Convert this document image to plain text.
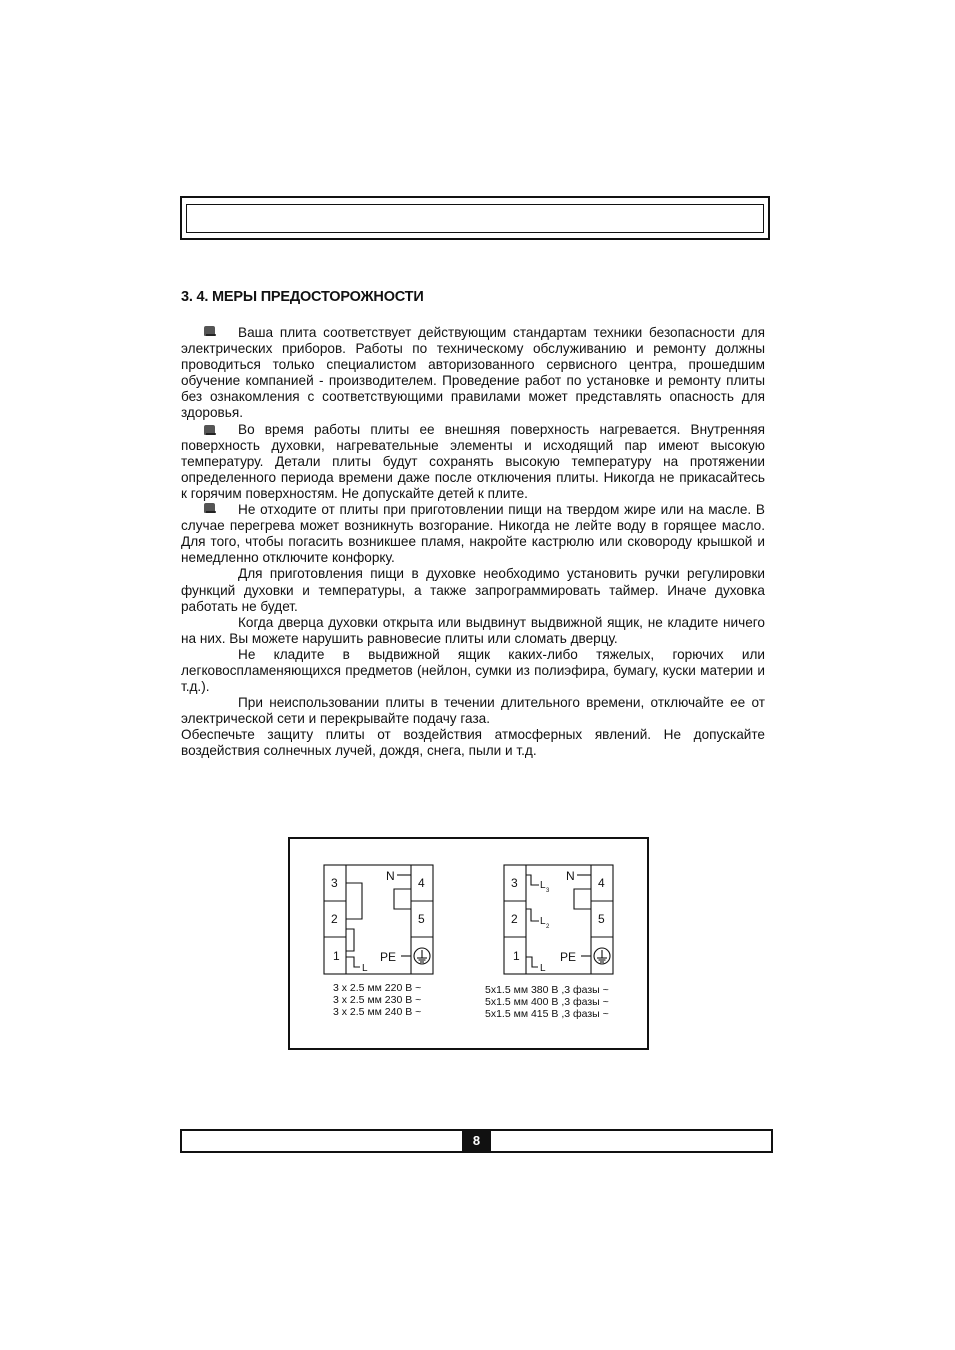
3. 4. МЕРЫ ПРЕДОСТОРОЖНОСТИ

Ваша плита соответствует действующим стандартам техники безопасности для электрических приборов. Работы по техническому обслуживанию и ремонту должны проводиться только специалистом авторизованного сервисного центра, прошедшим обучение компанией - производителем. Проведение работ по установке и ремонту плиты без ознакомления с соответствующими правилами может представлять опасность для здоровья.

Во время работы плиты ее внешняя поверхность нагревается. Внутренняя поверхность духовки, нагревательные элементы и исходящий пар имеют высокую температуру. Детали плиты будут сохранять высокую температуру на протяжении определенного периода времени даже после отключения плиты. Никогда не прикасайтесь к горячим поверхностям. Не допускайте детей к плите.

Не отходите от плиты при приготовлении пищи на твердом жире или на масле. В случае перегрева может возникнуть возгорание. Никогда не лейте воду в горящее масло. Для того, чтобы погасить возникшее пламя, накройте кастрюлю или сковороду крышкой и немедленно отключите конфорку.

Для приготовления пищи в духовке необходимо установить ручки регулировки функций духовки и температуры, а также запрограммировать таймер. Иначе духовка работать не будет.

Когда дверца духовки открыта или выдвинут выдвижной ящик, не кладите ничего на них. Вы можете нарушить равновесие плиты или сломать дверцу.

Не кладите в выдвижной ящик каких-либо тяжелых, горючих или легковоспламеняющихся предметов (нейлон, сумки из полиэфира, бумагу, куски материи и т.д.).

При неиспользовании плиты в течении длительного времени, отключайте ее от электрической сети и перекрывайте подачу газа.

Обеспечьте защиту плиты от воздействия атмосферных явлений. Не допускайте воздействия солнечных лучей, дождя, снега, пыли и т.д.

3
2
1
4
5
N
PE
L
3 x 2.5 мм 220 В ~
3 x 2.5 мм 230 В ~
3 x 2.5 мм 240 В ~
3
2
1
4
5
N
PE
L 3
L 2
L
5x1.5 мм 380 В ,3 фазы ~
5x1.5 мм 400 В ,3 фазы ~
5x1.5 мм 415 В ,3 фазы ~
8
